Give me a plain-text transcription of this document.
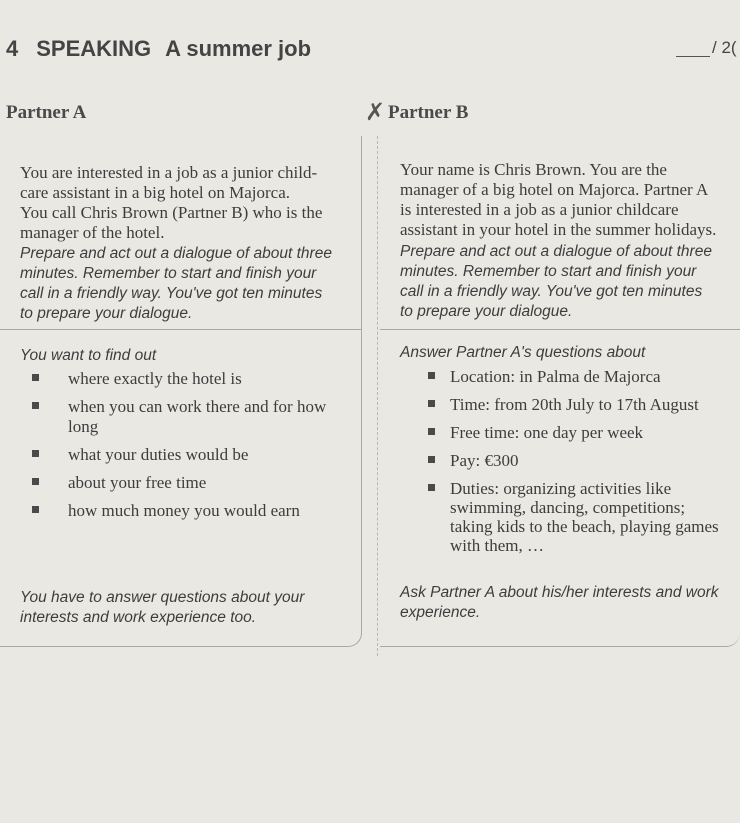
4 SPEAKING A summer job	/ 2(
Partner A	✗ Partner B
You are interested in a job as a junior child-
care assistant in a big hotel on Majorca.
You call Chris Brown (Partner B) who is the
manager of the hotel.
Prepare and act out a dialogue of about three
minutes. Remember to start and finish your
call in a friendly way. You've got ten minutes
to prepare your dialogue.
Your name is Chris Brown. You are the
manager of a big hotel on Majorca. Partner A
is interested in a job as a junior childcare
assistant in your hotel in the summer holidays.
Prepare and act out a dialogue of about three
minutes. Remember to start and finish your
call in a friendly way. You've got ten minutes
to prepare your dialogue.
You want to find out
where exactly the hotel is
when you can work there and for how
long
what your duties would be
about your free time
how much money you would earn
Answer Partner A's questions about
Location: in Palma de Majorca
Time: from 20th July to 17th August
Free time: one day per week
Pay: €300
Duties: organizing activities like
swimming, dancing, competitions;
taking kids to the beach, playing games
with them, …
You have to answer questions about your
interests and work experience too.
Ask Partner A about his/her interests and work
experience.
